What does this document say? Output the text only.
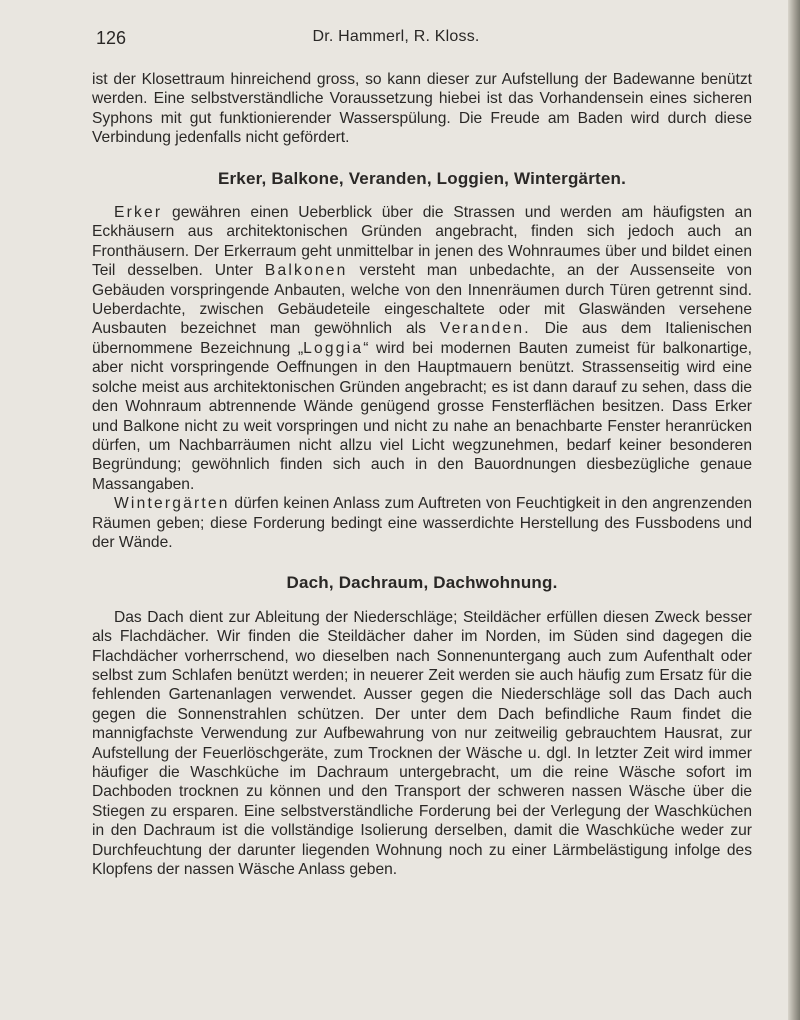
126	Dr. Hammerl, R. Kloss.

ist der Klosettraum hinreichend gross, so kann dieser zur Aufstellung der Badewanne benützt werden. Eine selbstverständliche Voraussetzung hiebei ist das Vorhandensein eines sicheren Syphons mit gut funktionierender Wasserspülung. Die Freude am Baden wird durch diese Verbindung jedenfalls nicht gefördert.

Erker, Balkone, Veranden, Loggien, Wintergärten.

Erker gewähren einen Ueberblick über die Strassen und werden am häufigsten an Eckhäusern aus architektonischen Gründen angebracht, finden sich jedoch auch an Fronthäusern. Der Erkerraum geht unmittelbar in jenen des Wohnraumes über und bildet einen Teil desselben. Unter Balkonen versteht man unbedachte, an der Aussenseite von Gebäuden vorspringende Anbauten, welche von den Innenräumen durch Türen getrennt sind. Ueberdachte, zwischen Gebäudeteile eingeschaltete oder mit Glaswänden versehene Ausbauten bezeichnet man gewöhnlich als Veranden. Die aus dem Italienischen übernommene Bezeichnung „Loggia“ wird bei modernen Bauten zumeist für balkonartige, aber nicht vorspringende Oeffnungen in den Hauptmauern benützt. Strassenseitig wird eine solche meist aus architektonischen Gründen angebracht; es ist dann darauf zu sehen, dass die den Wohnraum abtrennende Wände genügend grosse Fensterflächen besitzen. Dass Erker und Balkone nicht zu weit vorspringen und nicht zu nahe an benachbarte Fenster heranrücken dürfen, um Nachbarräumen nicht allzu viel Licht wegzunehmen, bedarf keiner besonderen Begründung; gewöhnlich finden sich auch in den Bauordnungen diesbezügliche genaue Massangaben.

Wintergärten dürfen keinen Anlass zum Auftreten von Feuchtigkeit in den angrenzenden Räumen geben; diese Forderung bedingt eine wasserdichte Herstellung des Fussbodens und der Wände.

Dach, Dachraum, Dachwohnung.

Das Dach dient zur Ableitung der Niederschläge; Steildächer erfüllen diesen Zweck besser als Flachdächer. Wir finden die Steildächer daher im Norden, im Süden sind dagegen die Flachdächer vorherrschend, wo dieselben nach Sonnenuntergang auch zum Aufenthalt oder selbst zum Schlafen benützt werden; in neuerer Zeit werden sie auch häufig zum Ersatz für die fehlenden Gartenanlagen verwendet. Ausser gegen die Niederschläge soll das Dach auch gegen die Sonnenstrahlen schützen. Der unter dem Dach befindliche Raum findet die mannigfachste Verwendung zur Aufbewahrung von nur zeitweilig gebrauchtem Hausrat, zur Aufstellung der Feuerlöschgeräte, zum Trocknen der Wäsche u. dgl. In letzter Zeit wird immer häufiger die Waschküche im Dachraum untergebracht, um die reine Wäsche sofort im Dachboden trocknen zu können und den Transport der schweren nassen Wäsche über die Stiegen zu ersparen. Eine selbstverständliche Forderung bei der Verlegung der Waschküchen in den Dachraum ist die vollständige Isolierung derselben, damit die Waschküche weder zur Durchfeuchtung der darunter liegenden Wohnung noch zu einer Lärmbelästigung infolge des Klopfens der nassen Wäsche Anlass geben.
